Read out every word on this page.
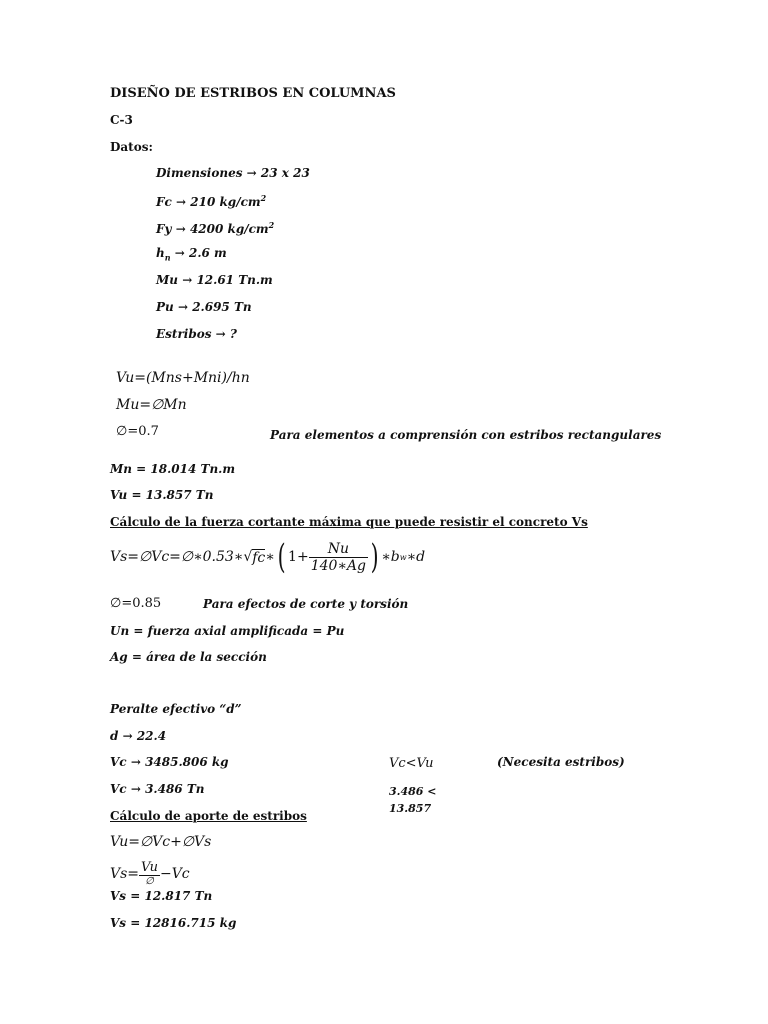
DISEÑO DE ESTRIBOS EN COLUMNAS
C-3
Datos:
Dimensiones → 23 x 23
Fc → 210 $kg/cm^2$
Fy → 4200 $kg/cm^2$
$h_n \to 2.6$ m
Mu → 12.61 Tn.m
Pu → 2.695 Tn
Estribos → ?
Vu=(Mns+Mni)/hn
Mu=∅Mn
∅=0.7	Para elementos a comprensión con estribos rectangulares
Mn = 18.014 Tn.m
Vu = 13.857 Tn
Cálculo de la fuerza cortante máxima que puede resistir el concreto Vs
Vs=∅Vc=∅∗0.53∗ √ fc ∗ ( $1+ \frac{Nu}{140∗Ag}$ ) ∗b w ∗d
∅=0.85	Para efectos de corte y torsión
Un = fuerza axial amplificada = Pu
Ag = área de la sección
Peralte efectivo “d”
d → 22.4
Vc → 3485.806 kg
Vc → 3.486 Tn
Vc<Vu	(Necesita estribos)
3.486 <
13.857
Cálculo de aporte de estribos
Vu=∅Vc+∅Vs
$Vs= \frac{Vu}{\emptyset} -Vc$
Vs = 12.817 Tn
Vs = 12816.715 kg
